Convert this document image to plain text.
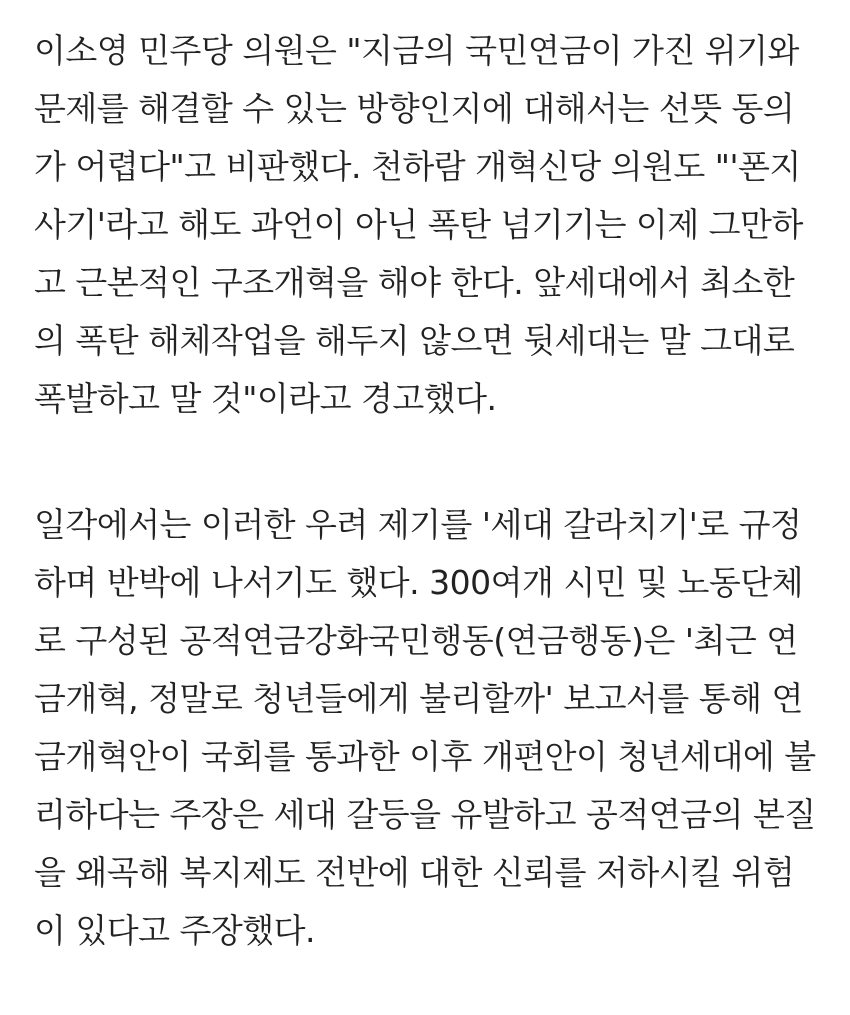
이소영 민주당 의원은 "지금의 국민연금이 가진 위기와
문제를 해결할 수 있는 방향인지에 대해서는 선뜻 동의
가 어렵다"고 비판했다. 천하람 개혁신당 의원도 "'폰지
사기'라고 해도 과언이 아닌 폭탄 넘기기는 이제 그만하
고 근본적인 구조개혁을 해야 한다. 앞세대에서 최소한
의 폭탄 해체작업을 해두지 않으면 뒷세대는 말 그대로
폭발하고 말 것"이라고 경고했다.
일각에서는 이러한 우려 제기를 '세대 갈라치기'로 규정
하며 반박에 나서기도 했다. 300여개 시민 및 노동단체
로 구성된 공적연금강화국민행동(연금행동)은 '최근 연
금개혁, 정말로 청년들에게 불리할까' 보고서를 통해 연
금개혁안이 국회를 통과한 이후 개편안이 청년세대에 불
리하다는 주장은 세대 갈등을 유발하고 공적연금의 본질
을 왜곡해 복지제도 전반에 대한 신뢰를 저하시킬 위험
이 있다고 주장했다.
